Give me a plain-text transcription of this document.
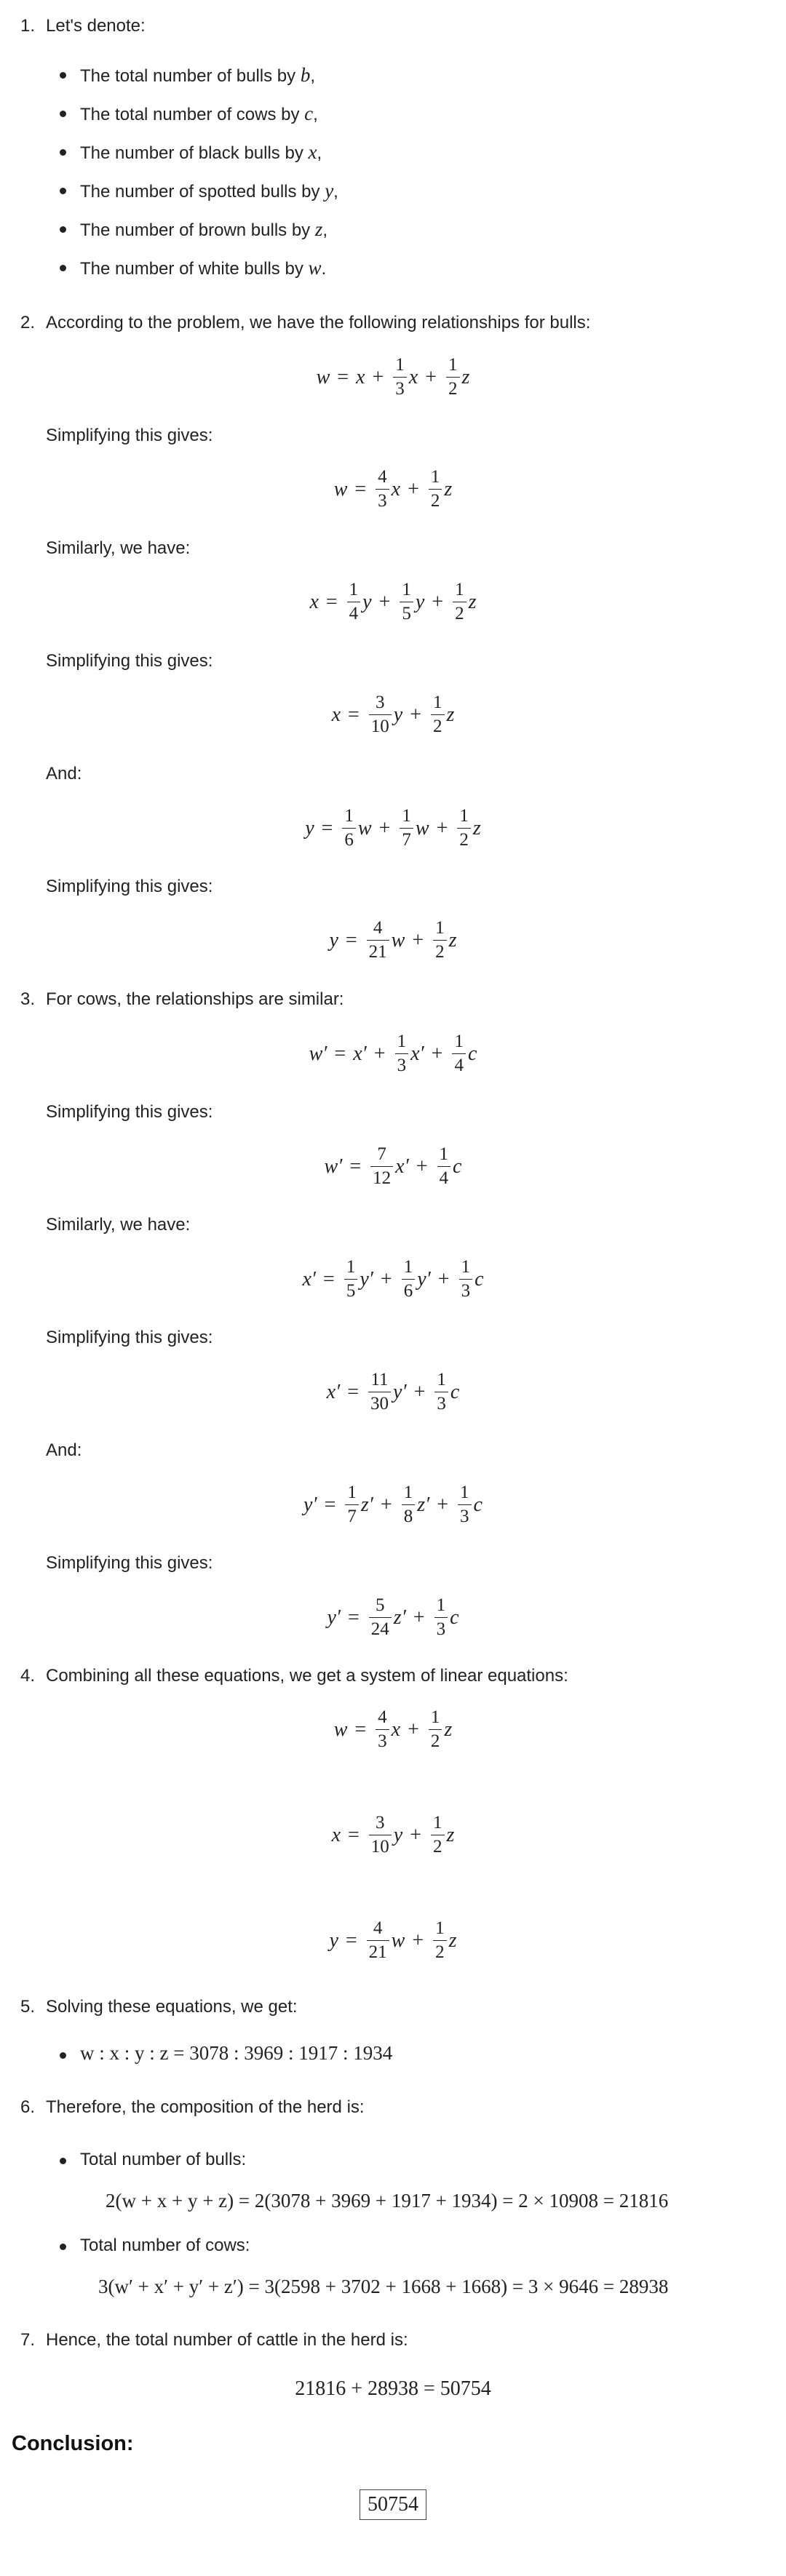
1. Let's denote:
The total number of bulls by b,
The total number of cows by c,
The number of black bulls by x,
The number of spotted bulls by y,
The number of brown bulls by z,
The number of white bulls by w.
2. According to the problem, we have the following relationships for bulls:
$w = x + \frac{1}{3}$ $x + \frac{1}{2}$ z
Simplifying this gives:
$w = \frac{4}{3}$ $x + \frac{1}{2}$ z
Similarly, we have:
$x = \frac{1}{4}$ $y + \frac{1}{5}$ $y + \frac{1}{2}$ z
Simplifying this gives:
$x = \frac{3}{10}$ $y + \frac{1}{2}$ z
And:
$y = \frac{1}{6}$ $w + \frac{1}{7}$ $w + \frac{1}{2}$ z
Simplifying this gives:
$y = \frac{4}{21}$ $w + \frac{1}{2}$ z
3. For cows, the relationships are similar:
$w' = x' + \frac{1}{3} x' + \frac{1}{4}$ c
Simplifying this gives:
$w' = \frac{7}{12} x' + \frac{1}{4}$ c
Similarly, we have:
$x' = \frac{1}{5} y' + \frac{1}{6} y' + \frac{1}{3}$ c
Simplifying this gives:
$x' = \frac{11}{30} y' + \frac{1}{3}$ c
And:
$y' = \frac{1}{7} z' + \frac{1}{8} z' + \frac{1}{3}$ c
Simplifying this gives:
$y' = \frac{5}{24} z' + \frac{1}{3}$ c
4. Combining all these equations, we get a system of linear equations:
$w = \frac{4}{3}$ $x + \frac{1}{2}$ z
$x = \frac{3}{10}$ $y + \frac{1}{2}$ z
$y = \frac{4}{21}$ $w + \frac{1}{2}$ z
5. Solving these equations, we get:
w : x : y : z = 3078 : 3969 : 1917 : 1934
6. Therefore, the composition of the herd is:
Total number of bulls:
2(w + x + y + z) = 2(3078 + 3969 + 1917 + 1934) = 2 × 10908 = 21816
Total number of cows:
3(w′ + x′ + y′ + z′) = 3(2598 + 3702 + 1668 + 1668) = 3 × 9646 = 28938
7. Hence, the total number of cattle in the herd is:
21816 + 28938 = 50754
Conclusion:
50754
